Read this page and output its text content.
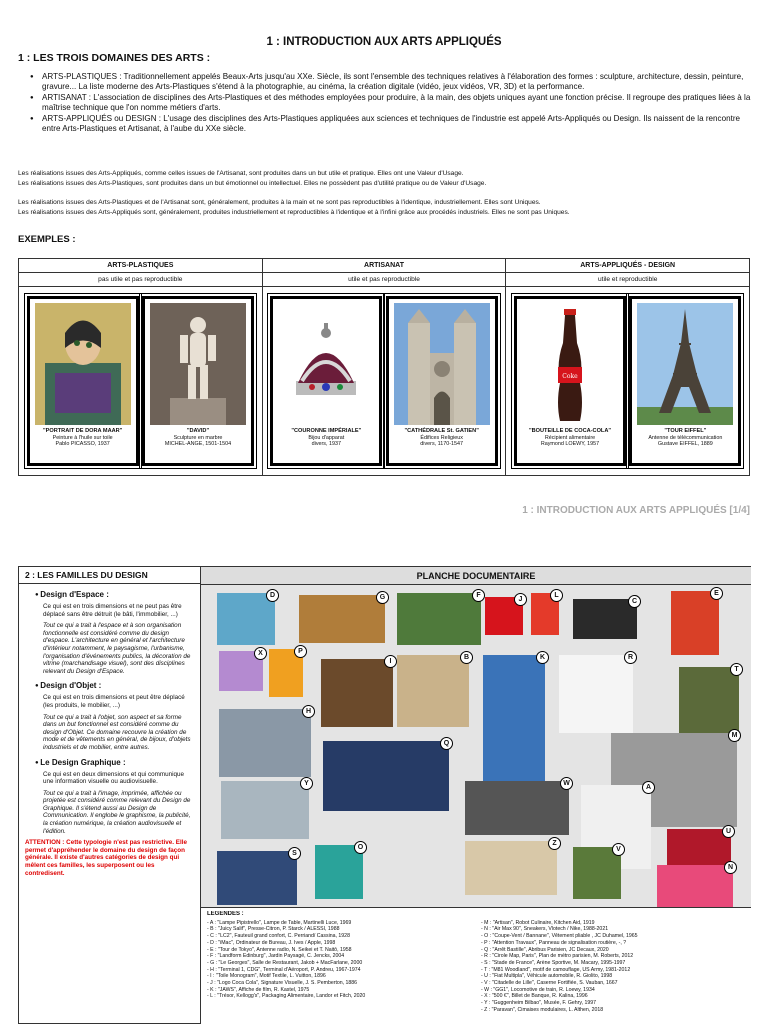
1 : INTRODUCTION AUX ARTS APPLIQUÉS
1 : LES TROIS DOMAINES DES ARTS :
● ARTS-PLASTIQUES : Traditionnellement appelés Beaux-Arts jusqu'au XXe. Siècle, ils sont l'ensemble des techniques relatives à l'élaboration des formes : sculpture, architecture, dessin, peinture, gravure... La liste moderne des Arts-Plastiques s'étend à la photographie, au cinéma, la création digitale (vidéo, jeux vidéos, VR, 3D) et la performance.
● ARTISANAT : L'association de disciplines des Arts-Plastiques et des méthodes employées pour produire, à la main, des objets uniques ayant une fonction précise. Il regroupe des pratiques liées à la maîtrise technique que l'on nomme métiers d'arts.
● ARTS-APPLIQUÉS ou DESIGN : L'usage des disciplines des Arts-Plastiques appliquées aux sciences et techniques de l'industrie est appelé Arts-Appliqués ou Design. Ils naissent de la rencontre entre Arts-Plastiques et Artisanat, à l'aube du XXe siècle.
Les réalisations issues des Arts-Appliqués, comme celles issues de l'Artisanat, sont produites dans un but utile et pratique. Elles ont une Valeur d'Usage.
Les réalisations issues des Arts-Plastiques, sont produites dans un but émotionnel ou intellectuel. Elles ne possèdent pas d'utilité pratique ou de Valeur d'Usage.
Les réalisations issues des Arts-Plastiques et de l'Artisanat sont, généralement, produites à la main et ne sont pas reproductibles à l'identique, industriellement. Elles sont Uniques.
Les réalisations issues des Arts-Appliqués sont, généralement, produites industriellement et reproductibles à l'identique et à l'infini grâce aux procédés industriels. Elles ne sont pas Uniques.
EXEMPLES :
ARTS-PLASTIQUES	ARTISANAT	ARTS-APPLIQUÉS - DESIGN
pas utile et pas reproductible	utile et pas reproductible	utile et reproductible
"PORTRAIT DE DORA MAAR"
Peinture à l'huile sur toile
Pablo PICASSO, 1937
"DAVID"
Sculpture en marbre
MICHEL-ANGE, 1501-1504
"COURONNE IMPÉRIALE"
Bijou d'apparat
divers, 1937
"CATHÉDRALE St. GATIEN"
Édifices Religieux
divers, 1170-1547
Coke
"BOUTEILLE DE COCA-COLA"
Récipient alimentaire
Raymond LOEWY, 1957
"TOUR EIFFEL"
Antenne de télécommunication
Gustave EIFFEL, 1889
1 : INTRODUCTION AUX ARTS APPLIQUÉS [1/4]
2 : LES FAMILLES DU DESIGN
● Design d'Espace :
Ce qui est en trois dimensions et ne peut pas être déplacé sans être détruit (le bâti, l'immobilier, ...)
Tout ce qui a trait à l'espace et à son organisation fonctionnelle est considéré comme du design d'espace. L'architecture en général et l'architecture d'intérieur notamment, le paysagisme, l'urbanisme, l'organisation d'événements publics, la décoration de vitrine (marchandisage visuel), sont des disciplines relevant du Design d'Espace.
● Design d'Objet :
Ce qui est en trois dimensions et peut être déplacé (les produits, le mobilier, ...)
Tout ce qui a trait à l'objet, son aspect et sa forme dans un but fonctionnel est considéré comme du design d'Objet. Ce domaine recouvre la création de mode et de vêtements en général, de bijoux, d'objets industriels et de mobilier, entre autres.
● Le Design Graphique :
Ce qui est en deux dimensions et qui communique une information visuelle ou audiovisuelle.
Tout ce qui a trait à l'image, imprimée, affichée ou projetée est considéré comme relevant du Design de Graphique. Il s'étend aussi au Design de Communication. Il englobe le graphisme, la publicité, la création numérique, la création audiovisuelle et l'édition.
ATTENTION : Cette typologie n'est pas restrictive. Elle permet d'appréhender le domaine du design de façon générale. Il existe d'autres catégories de design qui mêlent ces familles, les superposent ou les contredisent.
PLANCHE DOCUMENTAIRE
D	G	F
J
L
C
E
X	P
I
B	K	R
T
H
Q
M
W
A
Y
U
O
Z
V
S
N
LÉGENDES :
- A : "Lampe Pipistrello", Lampe de Table, Martinelli Luce, 1969
- B : "Juicy Salif", Presse-Citron, P. Starck / ALESSI, 1988
- C : "LC2", Fauteuil grand confort, C. Perriand/ Cassina, 1928
- D : "iMac", Ordinateur de Bureau, J. Ives / Apple, 1998
- E : "Tour de Tokyo", Antenne radio, N. Seikei et T. Naitō, 1958
- F : "Landform Edinburg", Jardin Paysagé, C. Jencks, 2004
- G : "Le Georges", Salle de Restaurant, Jakob + MacFarlane, 2000
- H : "Terminal 1, CDG", Terminal d'Aéroport, P. Andreu, 1967-1974
- I : "Toile Monogram", Motif Textile, L. Vuitton, 1896
- J : "Logo Coca Cola", Signature Visuelle, J. S. Pemberton, 1886
- K : "JAWS", Affiche de film, R. Kastel, 1975
- L : "Trésor, Kellogg's", Packaging Alimentaire, Landor et Fitch, 2020

- M : "Artisan", Robot Culinaire, Kitchen Aid, 1919
- N : "Air Max 90", Sneakers, Vlotech / Nike, 1988-2021
- O : "Coupe-Vent / Bannane", Vêtement pliable , JC Duhamel, 1965
- P : "Attention Travaux", Panneau de signalisation routière, -, ?
- Q : "Arrêt Bastille", Abribus Parisien, JC Decaux, 2020
- R : "Cirole Map, Paris", Plan de métro parisien, M. Roberts, 2012
- S : "Stade de France", Arène Sportive, M. Macary, 1995-1997
- T : "M81 Woodland", motif de camouflage, US Army, 1981-2012
- U : "Fiat Multipla", Véhicule automobile, R. Giolito, 1998
- V : "Citadelle de Lille", Caserne Fortifiée, S. Vauban, 1667
- W : "GG1", Locomotive de train, R. Loewy, 1934
- X : "500 €", Billet de Banque, R. Kalina, 1996
- Y : "Guggenheim Bilbao", Musée, F. Gehry, 1997
- Z : "Paravan", Cimaises modulaires, L. Althen, 2018
